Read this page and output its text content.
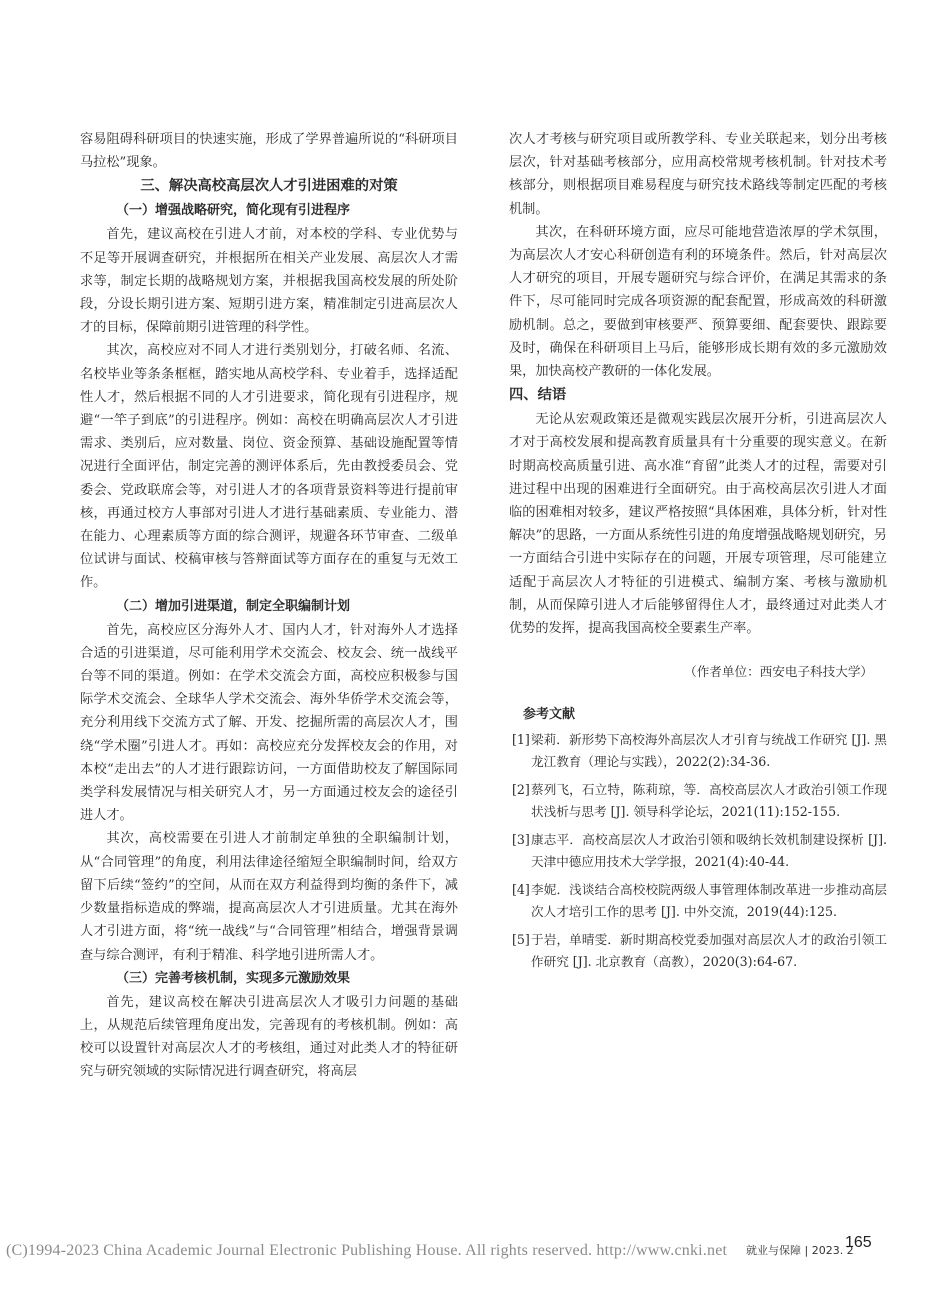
容易阻碍科研项目的快速实施，形成了学界普遍所说的“科研项目马拉松”现象。

三、解决高校高层次人才引进困难的对策
（一）增强战略研究，简化现有引进程序

首先，建议高校在引进人才前，对本校的学科、专业优势与不足等开展调查研究，并根据所在相关产业发展、高层次人才需求等，制定长期的战略规划方案，并根据我国高校发展的所处阶段，分设长期引进方案、短期引进方案，精准制定引进高层次人才的目标，保障前期引进管理的科学性。

其次，高校应对不同人才进行类别划分，打破名师、名流、名校毕业等条条框框，踏实地从高校学科、专业着手，选择适配性人才，然后根据不同的人才引进要求，简化现有引进程序，规避“一竿子到底”的引进程序。例如：高校在明确高层次人才引进需求、类别后，应对数量、岗位、资金预算、基础设施配置等情况进行全面评估，制定完善的测评体系后，先由教授委员会、党委会、党政联席会等，对引进人才的各项背景资料等进行提前审核，再通过校方人事部对引进人才进行基础素质、专业能力、潜在能力、心理素质等方面的综合测评，规避各环节审查、二级单位试讲与面试、校稿审核与答辩面试等方面存在的重复与无效工作。

（二）增加引进渠道，制定全职编制计划

首先，高校应区分海外人才、国内人才，针对海外人才选择合适的引进渠道，尽可能利用学术交流会、校友会、统一战线平台等不同的渠道。例如：在学术交流会方面，高校应积极参与国际学术交流会、全球华人学术交流会、海外华侨学术交流会等，充分利用线下交流方式了解、开发、挖掘所需的高层次人才，围绕“学术圈”引进人才。再如：高校应充分发挥校友会的作用，对本校“走出去”的人才进行跟踪访问，一方面借助校友了解国际同类学科发展情况与相关研究人才，另一方面通过校友会的途径引进人才。

其次，高校需要在引进人才前制定单独的全职编制计划，从“合同管理”的角度，利用法律途径缩短全职编制时间，给双方留下后续“签约”的空间，从而在双方利益得到均衡的条件下，减少数量指标造成的弊端，提高高层次人才引进质量。尤其在海外人才引进方面，将“统一战线”与“合同管理”相结合，增强背景调查与综合测评，有利于精准、科学地引进所需人才。

（三）完善考核机制，实现多元激励效果

首先，建议高校在解决引进高层次人才吸引力问题的基础上，从规范后续管理角度出发，完善现有的考核机制。例如：高校可以设置针对高层次人才的考核组，通过对此类人才的特征研究与研究领域的实际情况进行调查研究，将高层

次人才考核与研究项目或所教学科、专业关联起来，划分出考核层次，针对基础考核部分，应用高校常规考核机制。针对技术考核部分，则根据项目难易程度与研究技术路线等制定匹配的考核机制。

其次，在科研环境方面，应尽可能地营造浓厚的学术氛围，为高层次人才安心科研创造有利的环境条件。然后，针对高层次人才研究的项目，开展专题研究与综合评价，在满足其需求的条件下，尽可能同时完成各项资源的配套配置，形成高效的科研激励机制。总之，要做到审核要严、预算要细、配套要快、跟踪要及时，确保在科研项目上马后，能够形成长期有效的多元激励效果，加快高校产教研的一体化发展。

四、结语

无论从宏观政策还是微观实践层次展开分析，引进高层次人才对于高校发展和提高教育质量具有十分重要的现实意义。在新时期高校高质量引进、高水准“育留”此类人才的过程，需要对引进过程中出现的困难进行全面研究。由于高校高层次引进人才面临的困难相对较多，建议严格按照“具体困难，具体分析，针对性解决”的思路，一方面从系统性引进的角度增强战略规划研究，另一方面结合引进中实际存在的问题，开展专项管理，尽可能建立适配于高层次人才特征的引进模式、编制方案、考核与激励机制，从而保障引进人才后能够留得住人才，最终通过对此类人才优势的发挥，提高我国高校全要素生产率。

（作者单位：西安电子科技大学）

参考文献
[1] 梁莉．新形势下高校海外高层次人才引育与统战工作研究 [J]. 黑龙江教育（理论与实践），2022(2):34-36.
[2] 蔡列飞，石立特，陈莉琼，等．高校高层次人才政治引领工作现状浅析与思考 [J]. 领导科学论坛，2021(11):152-155.
[3] 康志平．高校高层次人才政治引领和吸纳长效机制建设探析 [J]. 天津中德应用技术大学学报，2021(4):40-44.
[4] 李妮．浅谈结合高校校院两级人事管理体制改革进一步推动高层次人才培引工作的思考 [J]. 中外交流，2019(44):125.
[5] 于岩，单晴雯．新时期高校党委加强对高层次人才的政治引领工作研究 [J]. 北京教育（高教），2020(3):64-67.
(C)1994-2023 China Academic Journal Electronic Publishing House. All rights reserved. http://www.cnki.net 就业与保障 | 2023. 2
165
